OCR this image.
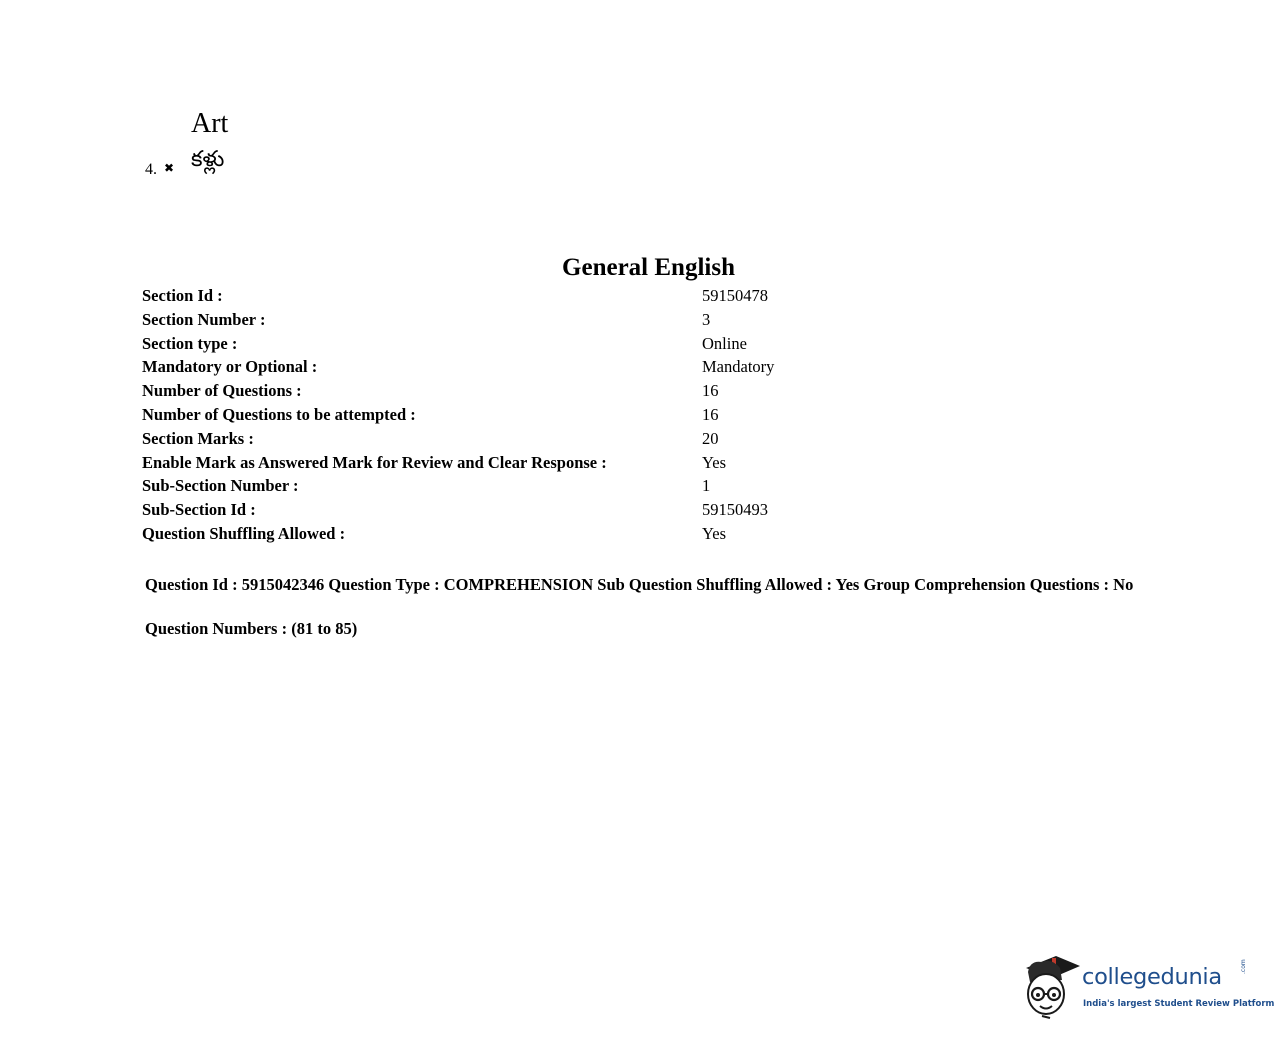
Art
4. ✖ కళ్లు
General English
Section Id :	59150478
Section Number :	3
Section type :	Online
Mandatory or Optional :	Mandatory
Number of Questions :	16
Number of Questions to be attempted :	16
Section Marks :	20
Enable Mark as Answered Mark for Review and Clear Response :	Yes
Sub-Section Number :	1
Sub-Section Id :	59150493
Question Shuffling Allowed :	Yes
Question Id : 5915042346 Question Type : COMPREHENSION Sub Question Shuffling Allowed : Yes Group Comprehension Questions : No
Question Numbers : (81 to 85)
collegedunia	.com
India's largest Student Review Platform
